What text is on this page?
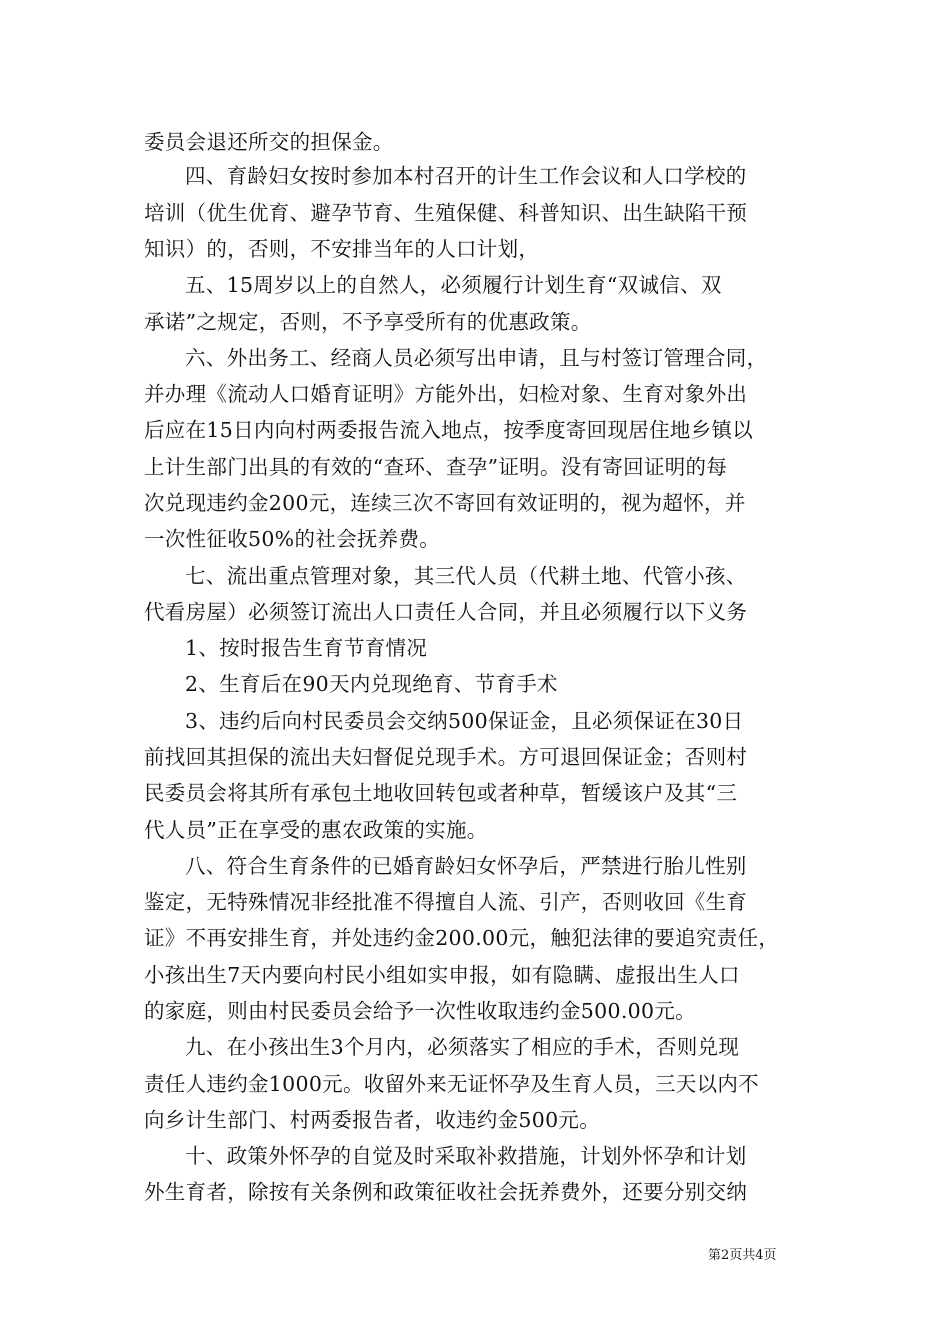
委员会退还所交的担保金。
四、育龄妇女按时参加本村召开的计生工作会议和人口学校的
培训（优生优育、避孕节育、生殖保健、科普知识、出生缺陷干预
知识）的，否则，不安排当年的人口计划，
五、15周岁以上的自然人，必须履行计划生育“双诚信、双
承诺”之规定，否则，不予享受所有的优惠政策。
六、外出务工、经商人员必须写出申请，且与村签订管理合同，
并办理《流动人口婚育证明》方能外出，妇检对象、生育对象外出
后应在15日内向村两委报告流入地点，按季度寄回现居住地乡镇以
上计生部门出具的有效的“查环、查孕”证明。没有寄回证明的每
次兑现违约金200元，连续三次不寄回有效证明的，视为超怀，并
一次性征收50%的社会抚养费。
七、流出重点管理对象，其三代人员（代耕土地、代管小孩、
代看房屋）必须签订流出人口责任人合同，并且必须履行以下义务
1、按时报告生育节育情况
2、生育后在90天内兑现绝育、节育手术
3、违约后向村民委员会交纳500保证金，且必须保证在30日
前找回其担保的流出夫妇督促兑现手术。方可退回保证金；否则村
民委员会将其所有承包土地收回转包或者种草，暂缓该户及其“三
代人员”正在享受的惠农政策的实施。
八、符合生育条件的已婚育龄妇女怀孕后，严禁进行胎儿性别
鉴定，无特殊情况非经批准不得擅自人流、引产，否则收回《生育
证》不再安排生育，并处违约金200.00元，触犯法律的要追究责任，
小孩出生7天内要向村民小组如实申报，如有隐瞒、虚报出生人口
的家庭，则由村民委员会给予一次性收取违约金500.00元。
九、在小孩出生3个月内，必须落实了相应的手术，否则兑现
责任人违约金1000元。收留外来无证怀孕及生育人员，三天以内不
向乡计生部门、村两委报告者，收违约金500元。
十、政策外怀孕的自觉及时采取补救措施，计划外怀孕和计划
外生育者，除按有关条例和政策征收社会抚养费外，还要分别交纳
第2页共4页
